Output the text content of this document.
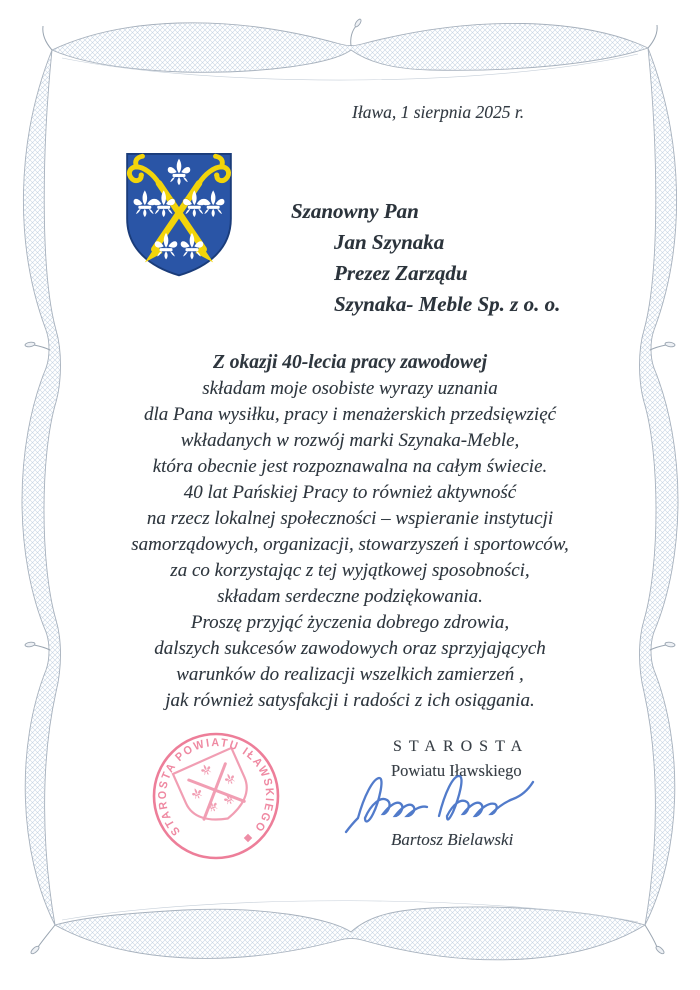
Iława, 1 sierpnia 2025 r.
Szanowny Pan
Jan Szynaka
Prezez Zarządu
Szynaka- Meble Sp. z o. o.
Z okazji 40-lecia pracy zawodowej
składam moje osobiste wyrazy uznania
dla Pana wysiłku, pracy i menażerskich przedsięwzięć
wkładanych w rozwój marki Szynaka-Meble,
która obecnie jest rozpoznawalna na całym świecie.
40 lat Pańskiej Pracy to również aktywność
na rzecz lokalnej społeczności – wspieranie instytucji
samorządowych, organizacji, stowarzyszeń i sportowców,
za co korzystając z tej wyjątkowej sposobności,
składam serdeczne podziękowania.
Proszę przyjąć życzenia dobrego zdrowia,
dalszych sukcesów zawodowych oraz sprzyjających
warunków do realizacji wszelkich zamierzeń ,
jak również satysfakcji i radości z ich osiągania.
STAROSTA POWIATU IŁAWSKIEGO
STAROSTA
Powiatu Iławskiego
Bartosz Bielawski
